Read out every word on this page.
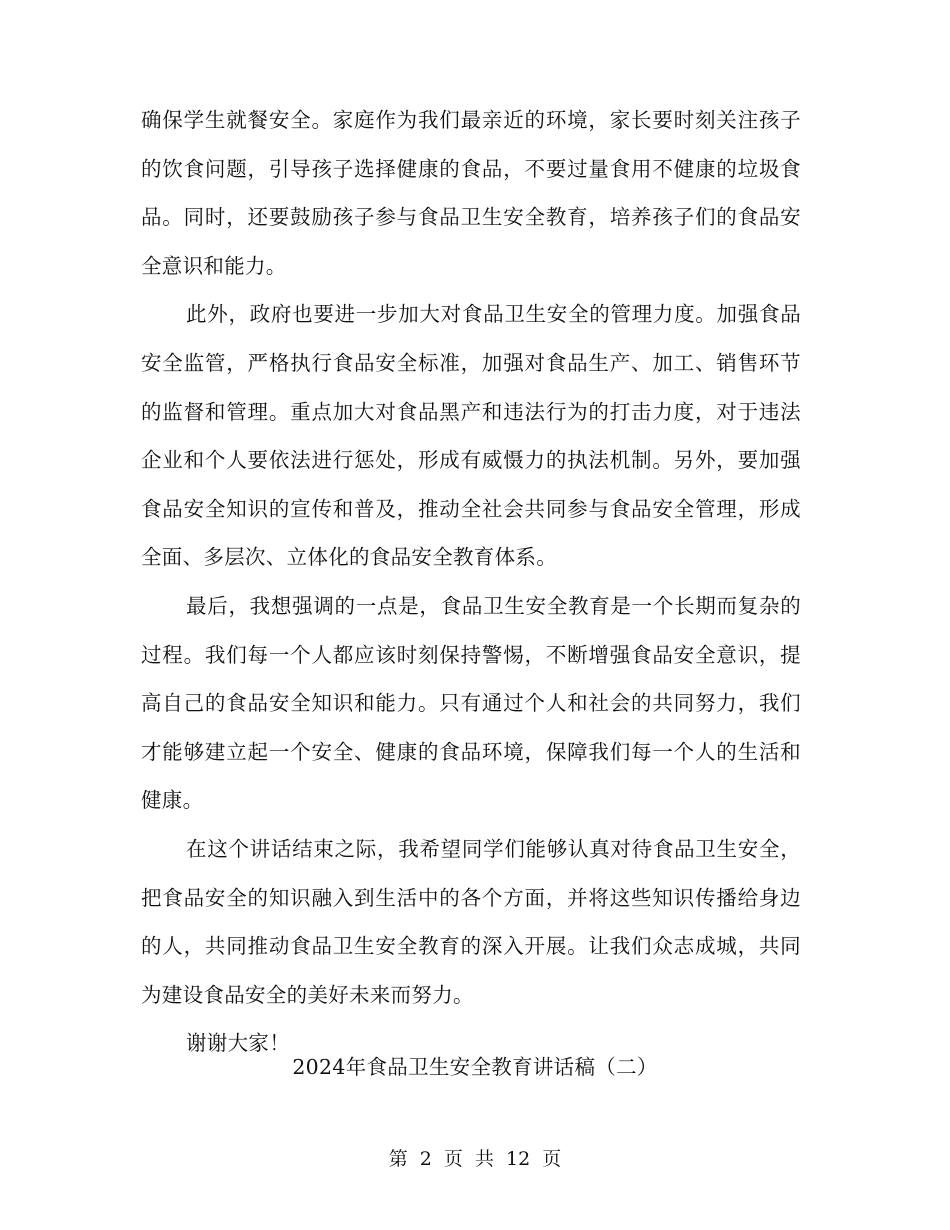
确保学生就餐安全。家庭作为我们最亲近的环境，家长要时刻关注孩子的饮食问题，引导孩子选择健康的食品，不要过量食用不健康的垃圾食品。同时，还要鼓励孩子参与食品卫生安全教育，培养孩子们的食品安全意识和能力。

此外，政府也要进一步加大对食品卫生安全的管理力度。加强食品安全监管，严格执行食品安全标准，加强对食品生产、加工、销售环节的监督和管理。重点加大对食品黑产和违法行为的打击力度，对于违法企业和个人要依法进行惩处，形成有威慑力的执法机制。另外，要加强食品安全知识的宣传和普及，推动全社会共同参与食品安全管理，形成全面、多层次、立体化的食品安全教育体系。

最后，我想强调的一点是，食品卫生安全教育是一个长期而复杂的过程。我们每一个人都应该时刻保持警惕，不断增强食品安全意识，提高自己的食品安全知识和能力。只有通过个人和社会的共同努力，我们才能够建立起一个安全、健康的食品环境，保障我们每一个人的生活和健康。

在这个讲话结束之际，我希望同学们能够认真对待食品卫生安全，把食品安全的知识融入到生活中的各个方面，并将这些知识传播给身边的人，共同推动食品卫生安全教育的深入开展。让我们众志成城，共同为建设食品安全的美好未来而努力。

谢谢大家！

2024年食品卫生安全教育讲话稿（二）
第 2 页 共 12 页
